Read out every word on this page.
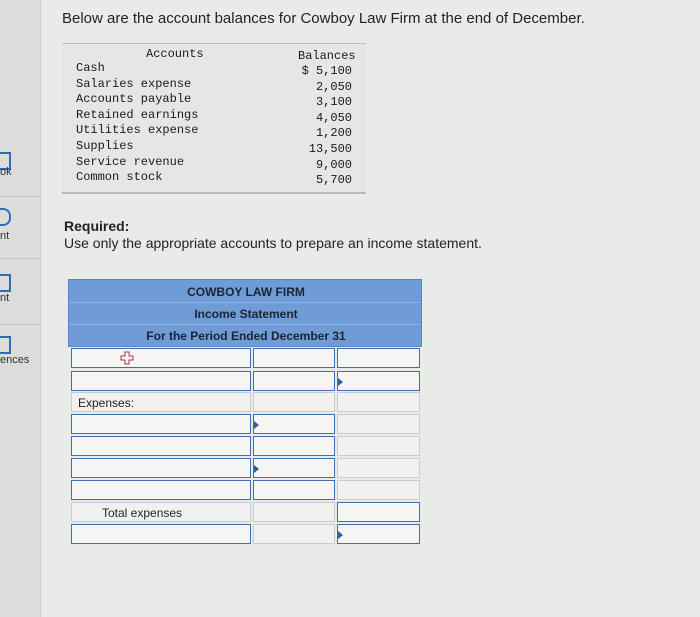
ok
nt
nt
ences
Below are the account balances for Cowboy Law Firm at the end of December.
Accounts	Balances
Cash
Salaries expense
Accounts payable
Retained earnings
Utilities expense
Supplies
Service revenue
Common stock
$ 5,100
2,050
3,100
4,050
1,200
13,500
9,000
5,700
Required:
Use only the appropriate accounts to prepare an income statement.
COWBOY LAW FIRM
Income Statement
For the Period Ended December 31
Expenses:
Total expenses
